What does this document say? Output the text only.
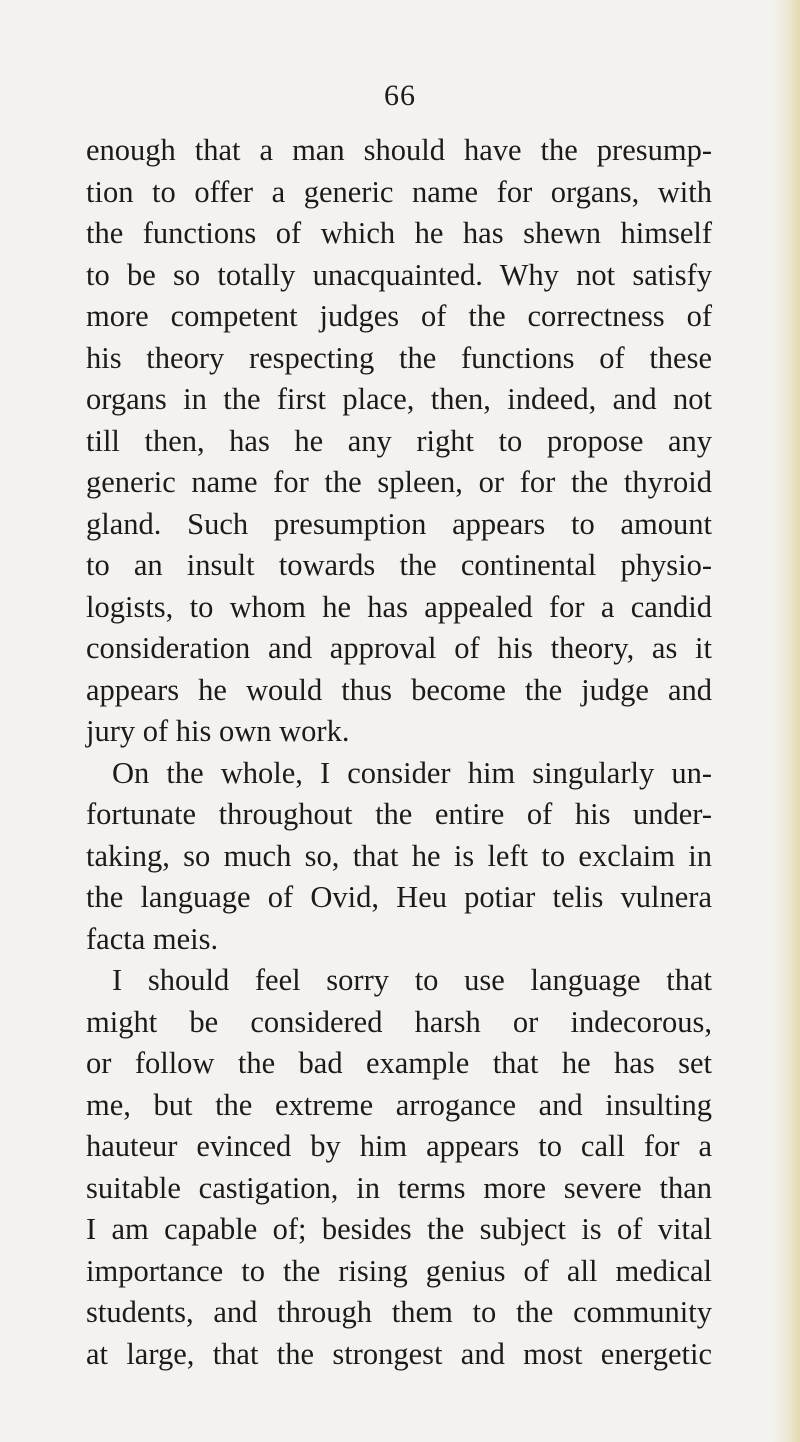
66
enough that a man should have the presump-
tion to offer a generic name for organs, with
the functions of which he has shewn himself
to be so totally unacquainted. Why not satisfy
more competent judges of the correctness of
his theory respecting the functions of these
organs in the first place, then, indeed, and not
till then, has he any right to propose any
generic name for the spleen, or for the thyroid
gland. Such presumption appears to amount
to an insult towards the continental physio-
logists, to whom he has appealed for a candid
consideration and approval of his theory, as it
appears he would thus become the judge and
jury of his own work.
On the whole, I consider him singularly un-
fortunate throughout the entire of his under-
taking, so much so, that he is left to exclaim in
the language of Ovid, Heu potiar telis vulnera
facta meis.
I should feel sorry to use language that
might be considered harsh or indecorous,
or follow the bad example that he has set
me, but the extreme arrogance and insulting
hauteur evinced by him appears to call for a
suitable castigation, in terms more severe than
I am capable of; besides the subject is of vital
importance to the rising genius of all medical
students, and through them to the community
at large, that the strongest and most energetic
